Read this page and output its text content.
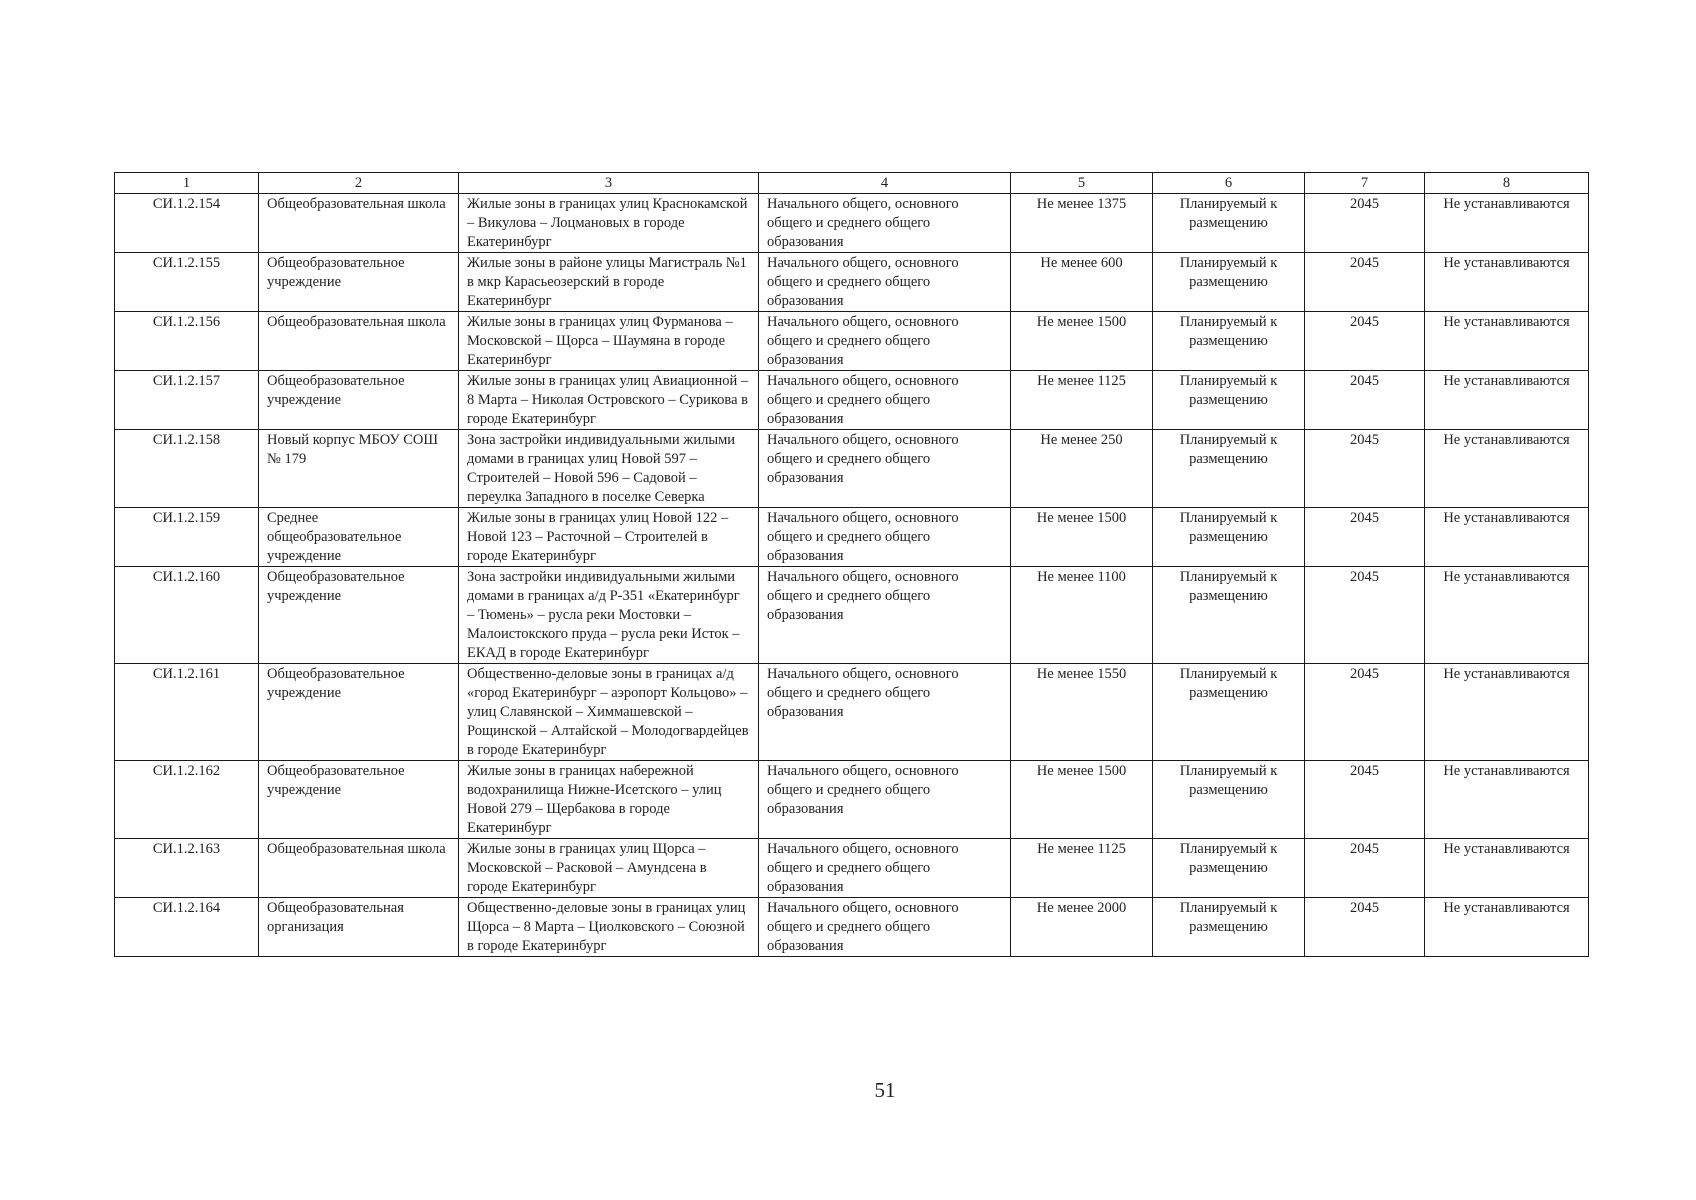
1	2	3	4	5	6	7	8
СИ.1.2.154	Общеобразовательная школа	Жилые зоны в границах улиц Краснокамской – Викулова – Лоцмановых в городе Екатеринбург	Начального общего, основного общего и среднего общего образования	Не менее 1375	Планируемый к размещению	2045	Не устанавливаются
СИ.1.2.155	Общеобразовательное учреждение	Жилые зоны в районе улицы Магистраль №1 в мкр Карасьеозерский в городе Екатеринбург	Начального общего, основного общего и среднего общего образования	Не менее 600	Планируемый к размещению	2045	Не устанавливаются
СИ.1.2.156	Общеобразовательная школа	Жилые зоны в границах улиц Фурманова – Московской – Щорса – Шаумяна в городе Екатеринбург	Начального общего, основного общего и среднего общего образования	Не менее 1500	Планируемый к размещению	2045	Не устанавливаются
СИ.1.2.157	Общеобразовательное учреждение	Жилые зоны в границах улиц Авиационной – 8 Марта – Николая Островского – Сурикова в городе Екатеринбург	Начального общего, основного общего и среднего общего образования	Не менее 1125	Планируемый к размещению	2045	Не устанавливаются
СИ.1.2.158	Новый корпус МБОУ СОШ № 179	Зона застройки индивидуальными жилыми домами в границах улиц Новой 597 – Строителей – Новой 596 – Садовой – переулка Западного в поселке Северка	Начального общего, основного общего и среднего общего образования	Не менее 250	Планируемый к размещению	2045	Не устанавливаются
СИ.1.2.159	Среднее общеобразовательное учреждение	Жилые зоны в границах улиц Новой 122 – Новой 123 – Расточной – Строителей в городе Екатеринбург	Начального общего, основного общего и среднего общего образования	Не менее 1500	Планируемый к размещению	2045	Не устанавливаются
СИ.1.2.160	Общеобразовательное учреждение	Зона застройки индивидуальными жилыми домами в границах а/д Р-351 «Екатеринбург – Тюмень» – русла реки Мостовки – Малоистокского пруда – русла реки Исток – ЕКАД в городе Екатеринбург	Начального общего, основного общего и среднего общего образования	Не менее 1100	Планируемый к размещению	2045	Не устанавливаются
СИ.1.2.161	Общеобразовательное учреждение	Общественно-деловые зоны в границах а/д «город Екатеринбург – аэропорт Кольцово» – улиц Славянской – Химмашевской – Рощинской – Алтайской – Молодогвардейцев в городе Екатеринбург	Начального общего, основного общего и среднего общего образования	Не менее 1550	Планируемый к размещению	2045	Не устанавливаются
СИ.1.2.162	Общеобразовательное учреждение	Жилые зоны в границах набережной водохранилища Нижне-Исетского – улиц Новой 279 – Щербакова в городе Екатеринбург	Начального общего, основного общего и среднего общего образования	Не менее 1500	Планируемый к размещению	2045	Не устанавливаются
СИ.1.2.163	Общеобразовательная школа	Жилые зоны в границах улиц Щорса – Московской – Расковой – Амундсена в городе Екатеринбург	Начального общего, основного общего и среднего общего образования	Не менее 1125	Планируемый к размещению	2045	Не устанавливаются
СИ.1.2.164	Общеобразовательная организация	Общественно-деловые зоны в границах улиц Щорса – 8 Марта – Циолковского – Союзной в городе Екатеринбург	Начального общего, основного общего и среднего общего образования	Не менее 2000	Планируемый к размещению	2045	Не устанавливаются
51
